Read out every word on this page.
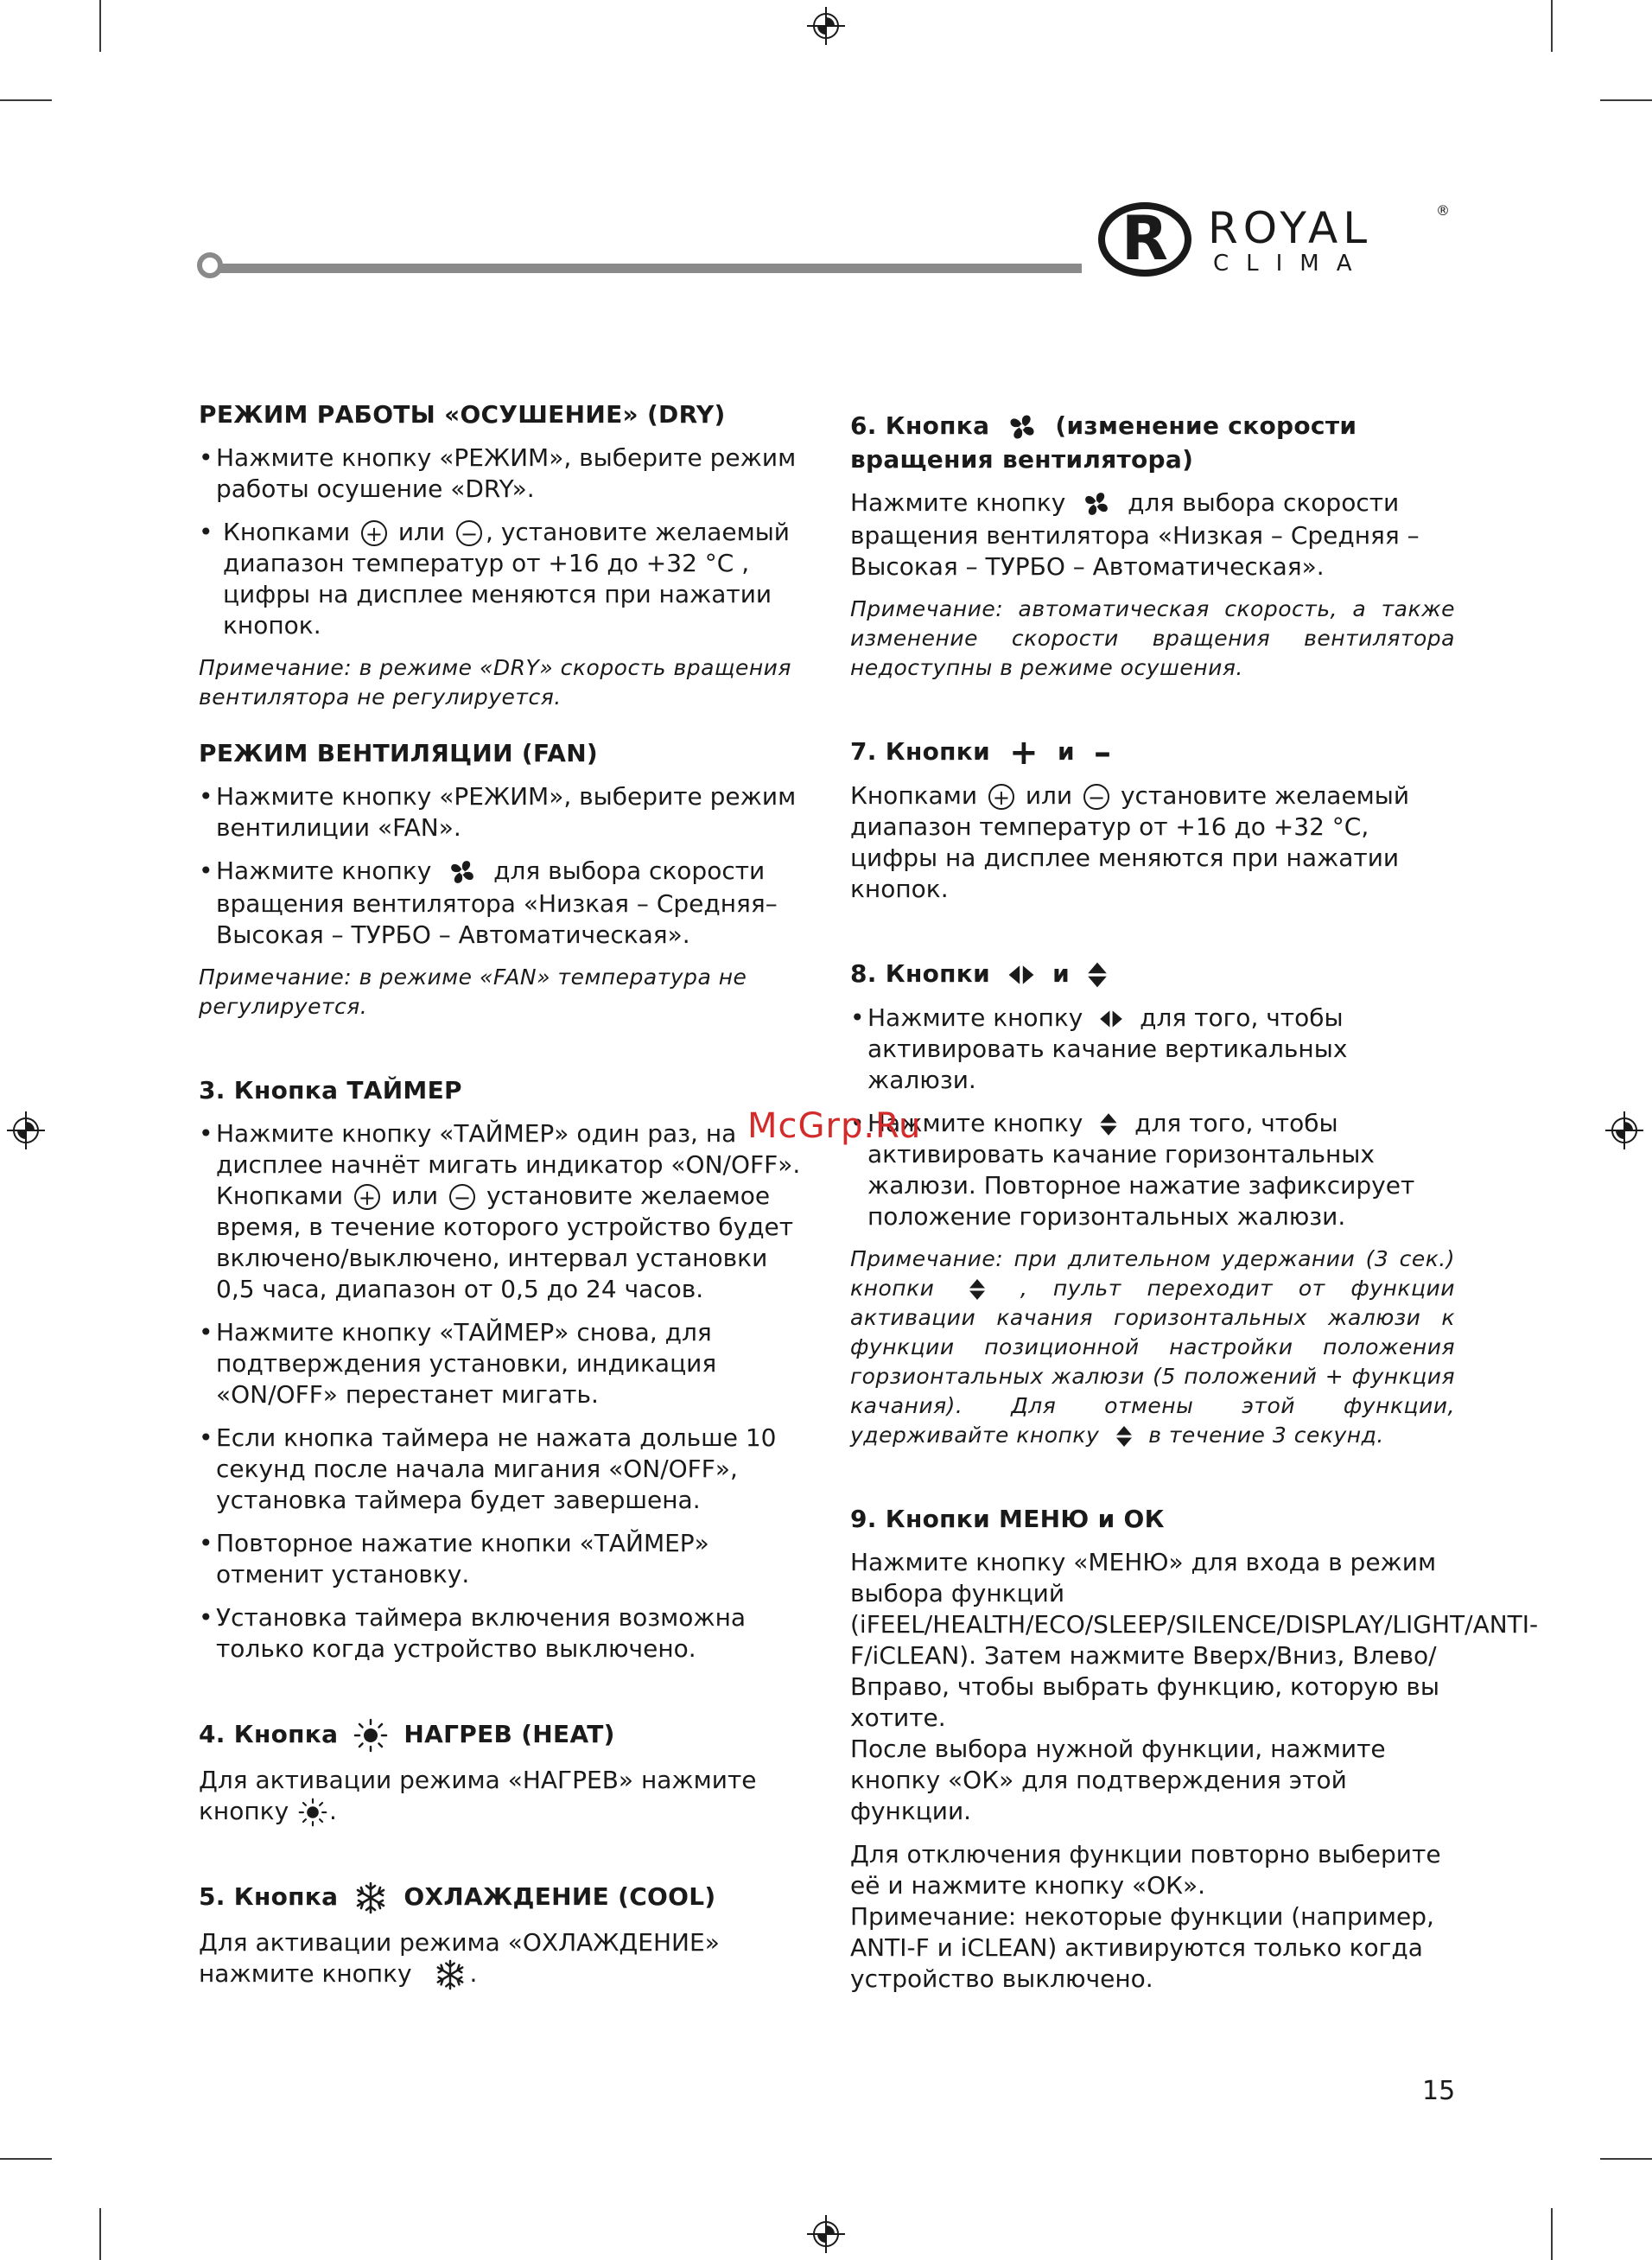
R ROYAL	®
CLIMA

РЕЖИМ РАБОТЫ «ОСУШЕНИЕ» (DRY)

• Нажмите кнопку «РЕЖИМ», выберите режим работы осушение «DRY».

• Кнопками + или − , установите желаемый диапазон температур от +16 до +32 °C , цифры на дисплее меняются при нажатии кнопок.

Примечание: в режиме «DRY» скорость вращения вентилятора не регулируется.

РЕЖИМ ВЕНТИЛЯЦИИ (FAN)

• Нажмите кнопку «РЕЖИМ», выберите режим вентилиции «FAN».

• Нажмите кнопку	для выбора скорости вращения вентилятора «Низкая – Средняя– Высокая – ТУРБО – Автоматическая».

Примечание: в режиме «FAN» температура не регулируется.

3. Кнопка ТАЙМЕР

• Нажмите кнопку «ТАЙМЕР» один раз, на дисплее начнёт мигать индикатор «ON/OFF». Кнопками + или − установите желаемое время, в течение которого устройство будет включено/выключено, интервал установки 0,5 часа, диапазон от 0,5 до 24 часов.

• Нажмите кнопку «ТАЙМЕР» снова, для подтверждения установки, индикация «ON/OFF» перестанет мигать.

• Если кнопка таймера не нажата дольше 10 секунд после начала мигания «ON/OFF», установка таймера будет завершена.

• Повторное нажатие кнопки «ТАЙМЕР» отменит установку.

• Установка таймера включения возможна только когда устройство выключено.

4. Кнопка	НАГРЕВ (HEAT)

Для активации режима «НАГРЕВ» нажмите кнопку .

5. Кнопка	ОХЛАЖДЕНИЕ (COOL)

Для активации режима «ОХЛАЖДЕНИЕ» нажмите кнопку .

6. Кнопка	(изменение скорости вращения вентилятора)

Нажмите кнопку	для выбора скорости вращения вентилятора «Низкая – Средняя – Высокая – ТУРБО – Автоматическая».

Примечание: автоматическая скорость, а также изменение скорости вращения вентилятора недоступны в режиме осушения.

7. Кнопки + и –

Кнопками + или − установите желаемый диапазон температур от +16 до +32 °C, цифры на дисплее меняются при нажатии кнопок.

8. Кнопки	и

• Нажмите кнопку для того, чтобы активировать качание вертикальных жалюзи.

• Нажмите кнопку для того, чтобы активировать качание горизонтальных жалюзи. Повторное нажатие зафиксирует положение горизонтальных жалюзи.

Примечание: при длительном удержании (3 сек.) кнопки	, пульт переходит от функции активации качания горизонтальных жалюзи к функции позиционной настройки положения горзионтальных жалюзи (5 положений + функция качания). Для отмены этой функции, удерживайте кнопку в течение 3 секунд.

9. Кнопки МЕНЮ и ОК

Нажмите кнопку «МЕНЮ» для входа в режим выбора функций (iFEEL/HEALTH/ECO/SLEEP/SILENCE/DISPLAY/LIGHT/ANTI-F/iCLEAN). Затем нажмите Вверх/Вниз, Влево/Вправо, чтобы выбрать функцию, которую вы хотите.

После выбора нужной функции, нажмите кнопку «ОК» для подтверждения этой функции.

Для отключения функции повторно выберите её и нажмите кнопку «ОК».

Примечание: некоторые функции (например, ANTI-F и iCLEAN) активируются только когда устройство выключено.

McGrp.Ru
15
